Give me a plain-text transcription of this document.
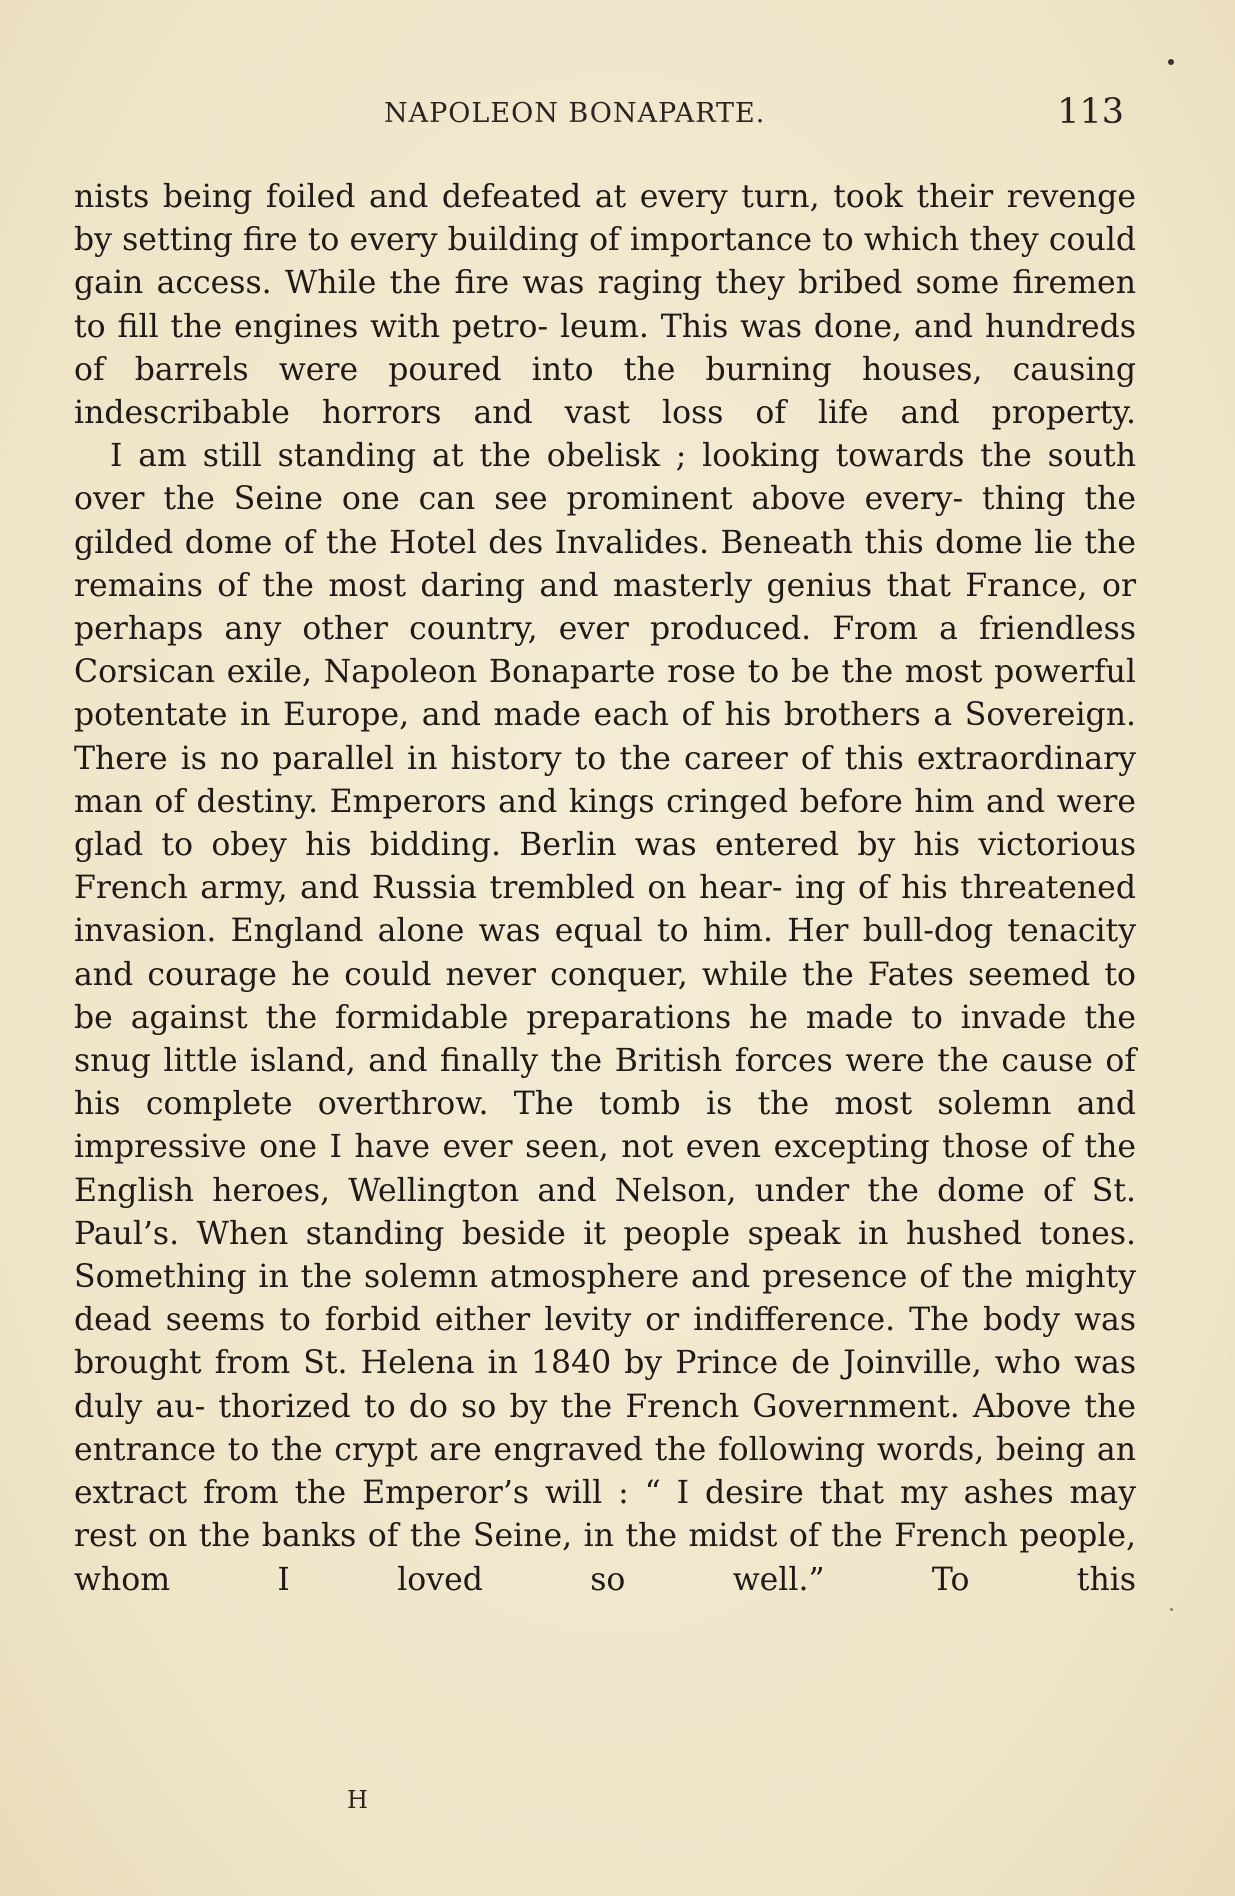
NAPOLEON BONAPARTE.	113

nists being foiled and defeated at every turn, took their revenge by setting fire to every building of importance to which they could gain access. While the fire was raging they bribed some firemen to fill the engines with petro- leum. This was done, and hundreds of barrels were poured into the burning houses, causing indescribable horrors and vast loss of life and property.

I am still standing at the obelisk ; looking towards the south over the Seine one can see prominent above every- thing the gilded dome of the Hotel des Invalides. Beneath this dome lie the remains of the most daring and masterly genius that France, or perhaps any other country, ever produced. From a friendless Corsican exile, Napoleon Bonaparte rose to be the most powerful potentate in Europe, and made each of his brothers a Sovereign. There is no parallel in history to the career of this extraordinary man of destiny. Emperors and kings cringed before him and were glad to obey his bidding. Berlin was entered by his victorious French army, and Russia trembled on hear- ing of his threatened invasion. England alone was equal to him. Her bull-dog tenacity and courage he could never conquer, while the Fates seemed to be against the formidable preparations he made to invade the snug little island, and finally the British forces were the cause of his complete overthrow. The tomb is the most solemn and impressive one I have ever seen, not even excepting those of the English heroes, Wellington and Nelson, under the dome of St. Paul’s. When standing beside it people speak in hushed tones. Something in the solemn atmosphere and presence of the mighty dead seems to forbid either levity or indifference. The body was brought from St. Helena in 1840 by Prince de Joinville, who was duly au- thorized to do so by the French Government. Above the entrance to the crypt are engraved the following words, being an extract from the Emperor’s will : “ I desire that my ashes may rest on the banks of the Seine, in the midst of the French people, whom I loved so well.” To this

H
